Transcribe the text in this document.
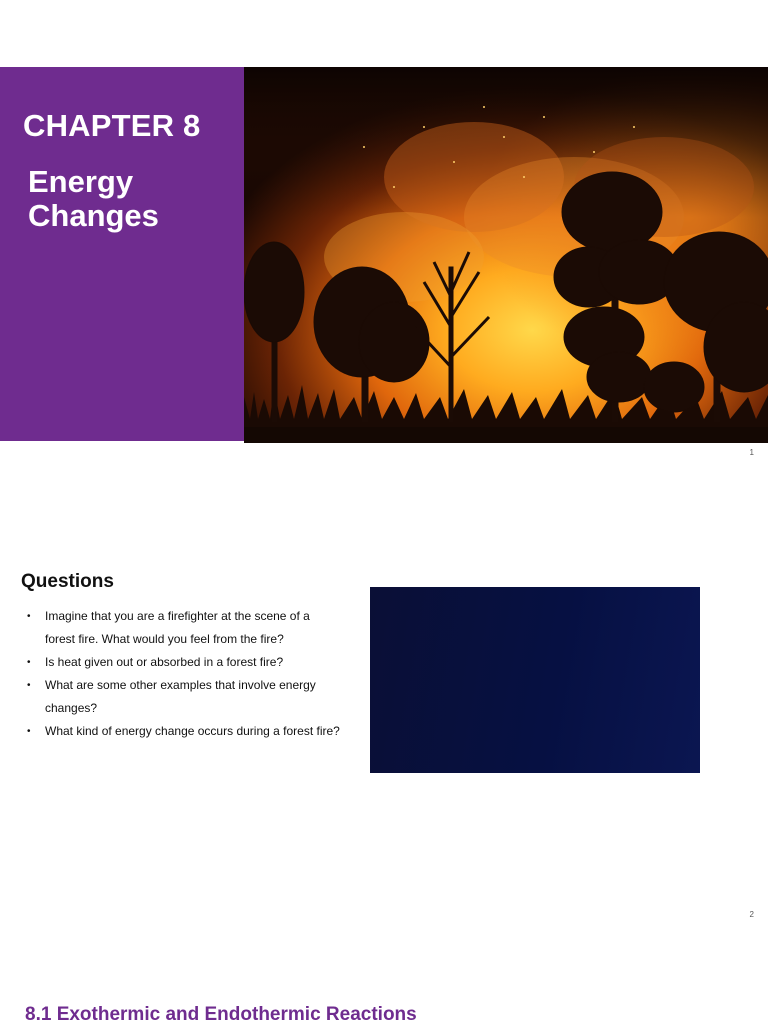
CHAPTER 8
Energy Changes
1
Questions
• Imagine that you are a firefighter at the scene of a forest fire. What would you feel from the fire?
• Is heat given out or absorbed in a forest fire?
• What are some other examples that involve energy changes?
• What kind of energy change occurs during a forest fire?
2
8.1 Exothermic and Endothermic Reactions
